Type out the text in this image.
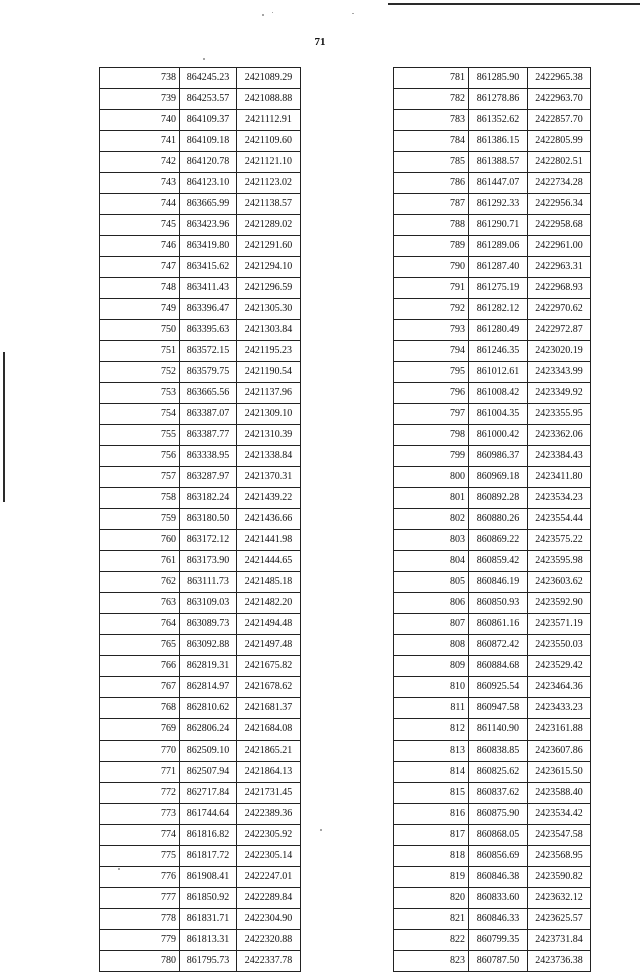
71
738	864245.23	2421089.29
739	864253.57	2421088.88
740	864109.37	2421112.91
741	864109.18	2421109.60
742	864120.78	2421121.10
743	864123.10	2421123.02
744	863665.99	2421138.57
745	863423.96	2421289.02
746	863419.80	2421291.60
747	863415.62	2421294.10
748	863411.43	2421296.59
749	863396.47	2421305.30
750	863395.63	2421303.84
751	863572.15	2421195.23
752	863579.75	2421190.54
753	863665.56	2421137.96
754	863387.07	2421309.10
755	863387.77	2421310.39
756	863338.95	2421338.84
757	863287.97	2421370.31
758	863182.24	2421439.22
759	863180.50	2421436.66
760	863172.12	2421441.98
761	863173.90	2421444.65
762	863111.73	2421485.18
763	863109.03	2421482.20
764	863089.73	2421494.48
765	863092.88	2421497.48
766	862819.31	2421675.82
767	862814.97	2421678.62
768	862810.62	2421681.37
769	862806.24	2421684.08
770	862509.10	2421865.21
771	862507.94	2421864.13
772	862717.84	2421731.45
773	861744.64	2422389.36
774	861816.82	2422305.92
775	861817.72	2422305.14
776	861908.41	2422247.01
777	861850.92	2422289.84
778	861831.71	2422304.90
779	861813.31	2422320.88
780	861795.73	2422337.78
781	861285.90	2422965.38
782	861278.86	2422963.70
783	861352.62	2422857.70
784	861386.15	2422805.99
785	861388.57	2422802.51
786	861447.07	2422734.28
787	861292.33	2422956.34
788	861290.71	2422958.68
789	861289.06	2422961.00
790	861287.40	2422963.31
791	861275.19	2422968.93
792	861282.12	2422970.62
793	861280.49	2422972.87
794	861246.35	2423020.19
795	861012.61	2423343.99
796	861008.42	2423349.92
797	861004.35	2423355.95
798	861000.42	2423362.06
799	860986.37	2423384.43
800	860969.18	2423411.80
801	860892.28	2423534.23
802	860880.26	2423554.44
803	860869.22	2423575.22
804	860859.42	2423595.98
805	860846.19	2423603.62
806	860850.93	2423592.90
807	860861.16	2423571.19
808	860872.42	2423550.03
809	860884.68	2423529.42
810	860925.54	2423464.36
811	860947.58	2423433.23
812	861140.90	2423161.88
813	860838.85	2423607.86
814	860825.62	2423615.50
815	860837.62	2423588.40
816	860875.90	2423534.42
817	860868.05	2423547.58
818	860856.69	2423568.95
819	860846.38	2423590.82
820	860833.60	2423632.12
821	860846.33	2423625.57
822	860799.35	2423731.84
823	860787.50	2423736.38
